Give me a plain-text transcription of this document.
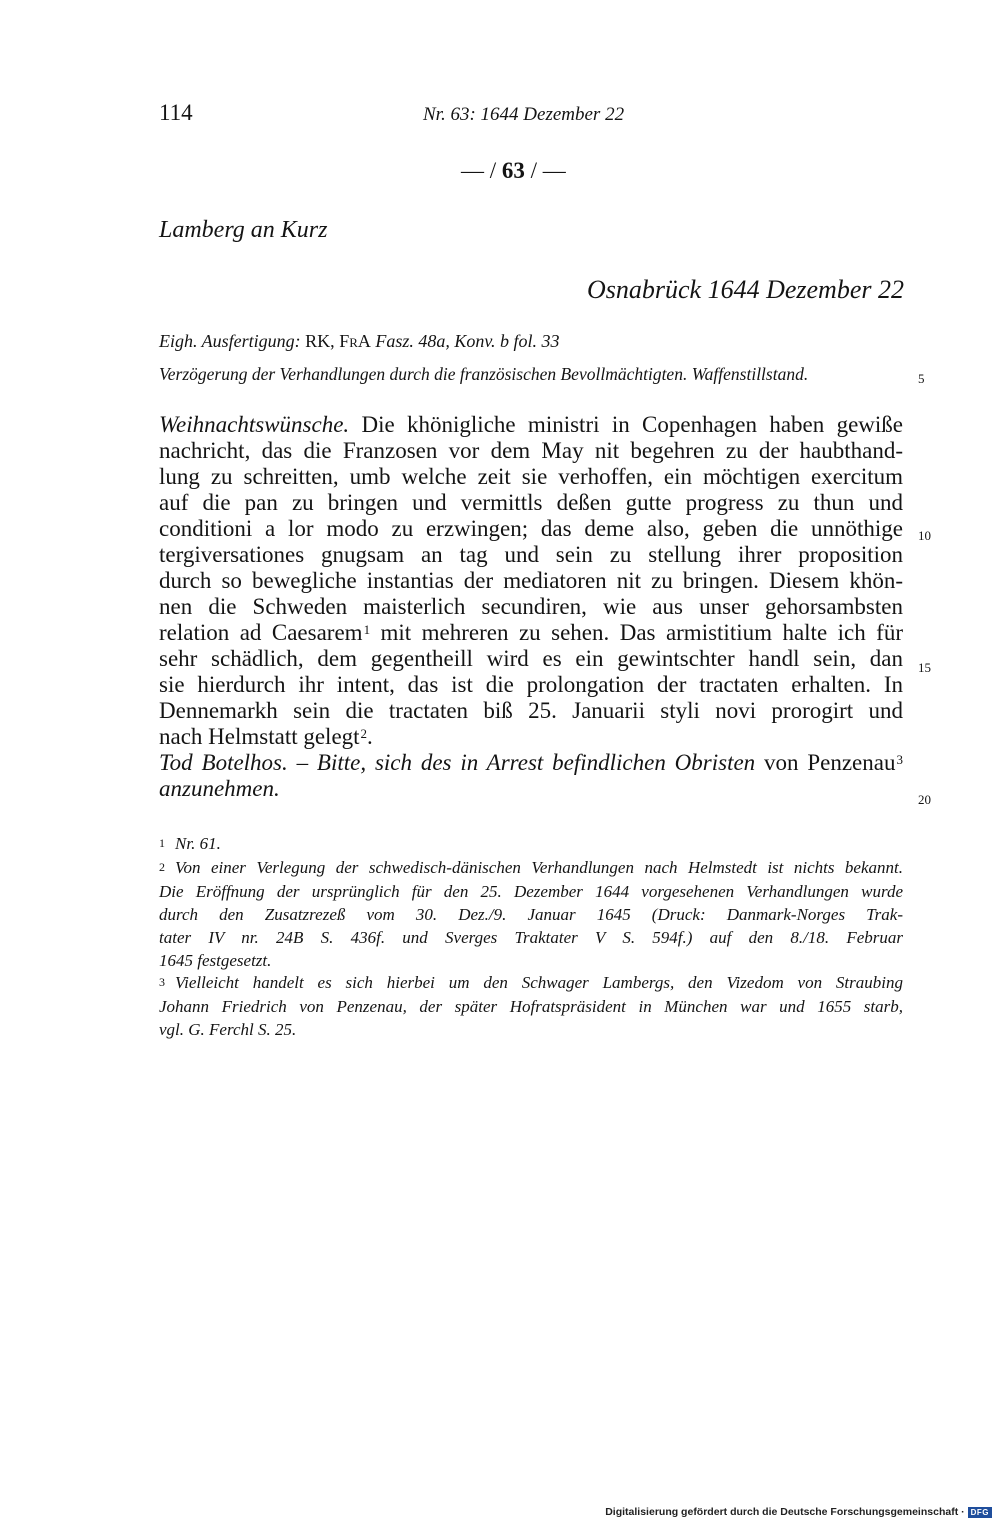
114	Nr. 63: 1644 Dezember 22
— / 63 / —
Lamberg an Kurz
Osnabrück 1644 Dezember 22
Eigh. Ausfertigung: RK, FrA Fasz. 48a, Konv. b fol. 33
Verzögerung der Verhandlungen durch die französischen Bevollmächtigten. Waffenstillstand.	5
Weihnachtswünsche. Die khönigliche ministri in Copenhagen haben gewiße
nachricht, das die Franzosen vor dem May nit begehren zu der haubthand-
lung zu schreitten, umb welche zeit sie verhoffen, ein möchtigen exercitum
auf die pan zu bringen und vermittls deßen gutte progress zu thun und
conditioni a lor modo zu erzwingen; das deme also, geben die unnöthige 10
tergiversationes gnugsam an tag und sein zu stellung ihrer proposition
durch so bewegliche instantias der mediatoren nit zu bringen. Diesem khön-
nen die Schweden maisterlich secundiren, wie aus unser gehorsambsten
relation ad Caesarem$^1$ mit mehreren zu sehen. Das armistitium halte ich für
sehr schädlich, dem gegentheill wird es ein gewintschter handl sein, dan 15
sie hierdurch ihr intent, das ist die prolongation der tractaten erhalten. In
Dennemarkh sein die tractaten biß 25. Januarii styli novi prorogirt und
nach Helmstatt gelegt$^2$.
Tod Botelhos. – Bitte, sich des in Arrest befindlichen Obristen von Penzenau$^3$
anzunehmen.	20
1 Nr. 61.
2 Von einer Verlegung der schwedisch-dänischen Verhandlungen nach Helmstedt ist nichts bekannt.
Die Eröffnung der ursprünglich für den 25. Dezember 1644 vorgesehenen Verhandlungen wurde
durch den Zusatzrezeß vom 30. Dez./9. Januar 1645 (Druck: Danmark-Norges Trak-
tater IV nr. 24B S. 436f. und Sverges Traktater V S. 594f.) auf den 8./18. Februar
1645 festgesetzt.
3 Vielleicht handelt es sich hierbei um den Schwager Lambergs, den Vizedom von Straubing
Johann Friedrich von Penzenau, der später Hofratspräsident in München war und 1655 starb,
vgl. G. Ferchl S. 25.
Digitalisierung gefördert durch die Deutsche Forschungsgemeinschaft · DFG
